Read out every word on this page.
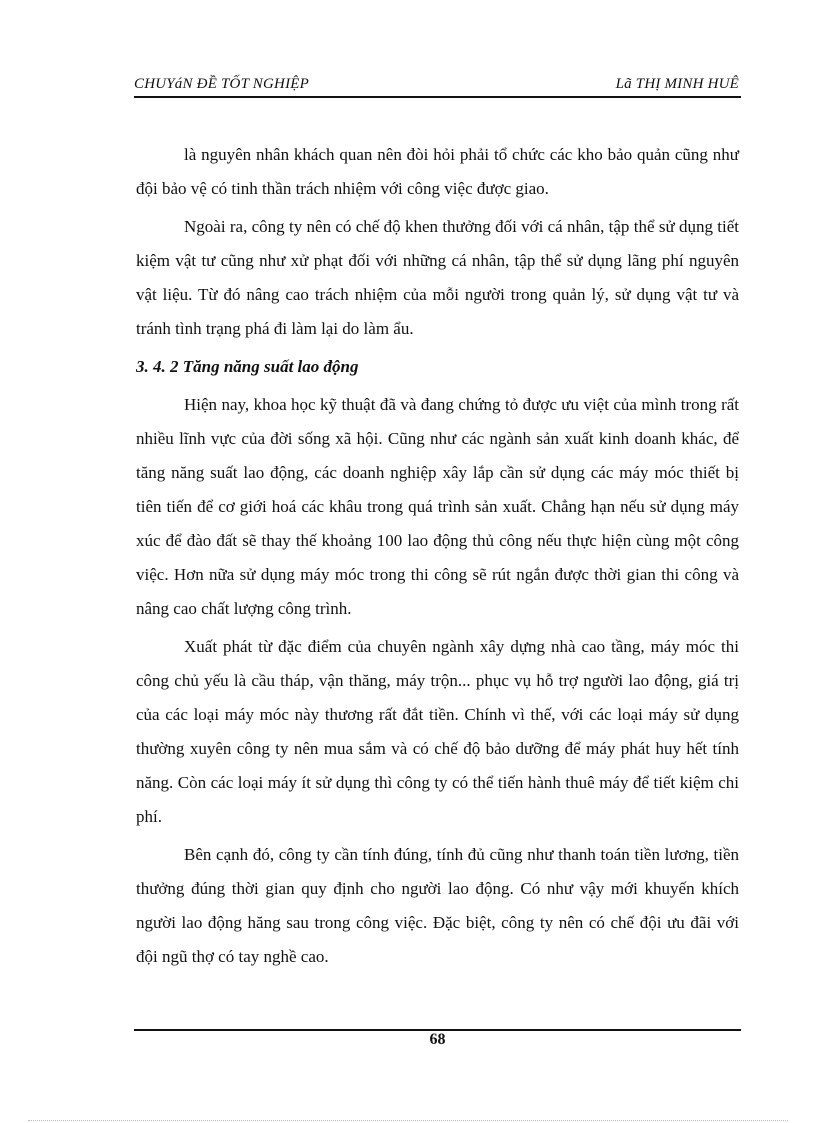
CHUYáN ĐỀ TỐT NGHIỆP	Lã THỊ MINH HUÊ

là nguyên nhân khách quan nên đòi hỏi phải tổ chức các kho bảo quản cũng như đội bảo vệ có tinh thần trách nhiệm với công việc được giao.

Ngoài ra, công ty nên có chế độ khen thưởng đối với cá nhân, tập thể sử dụng tiết kiệm vật tư cũng như xử phạt đối với những cá nhân, tập thể sử dụng lãng phí nguyên vật liệu. Từ đó nâng cao trách nhiệm của mỗi người trong quản lý, sử dụng vật tư và tránh tình trạng phá đi làm lại do làm ẩu.

3. 4. 2 Tăng năng suất lao động

Hiện nay, khoa học kỹ thuật đã và đang chứng tỏ được ưu việt của mình trong rất nhiều lĩnh vực của đời sống xã hội. Cũng như các ngành sản xuất kinh doanh khác, để tăng năng suất lao động, các doanh nghiệp xây lắp cần sử dụng các máy móc thiết bị tiên tiến để cơ giới hoá các khâu trong quá trình sản xuất. Chẳng hạn nếu sử dụng máy xúc để đào đất sẽ thay thế khoảng 100 lao động thủ công nếu thực hiện cùng một công việc. Hơn nữa sử dụng máy móc trong thi công sẽ rút ngắn được thời gian thi công và nâng cao chất lượng công trình.

Xuất phát từ đặc điểm của chuyên ngành xây dựng nhà cao tầng, máy móc thi công chủ yếu là cầu tháp, vận thăng, máy trộn... phục vụ hỗ trợ người lao động, giá trị của các loại máy móc này thương rất đắt tiền. Chính vì thế, với các loại máy sử dụng thường xuyên công ty nên mua sắm và có chế độ bảo dưỡng để máy phát huy hết tính năng. Còn các loại máy ít sử dụng thì công ty có thể tiến hành thuê máy để tiết kiệm chi phí.

Bên cạnh đó, công ty cần tính đúng, tính đủ cũng như thanh toán tiền lương, tiền thưởng đúng thời gian quy định cho người lao động. Có như vậy mới khuyến khích người lao động hăng sau trong công việc. Đặc biệt, công ty nên có chế đội ưu đãi với đội ngũ thợ có tay nghề cao.

68
